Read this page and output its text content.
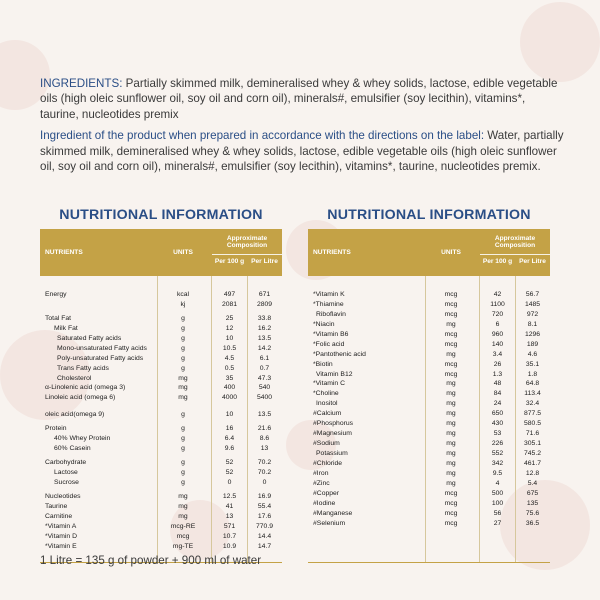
INGREDIENTS: Partially skimmed milk, demineralised whey & whey solids, lactose, edible vegetable oils (high oleic sunflower oil, soy oil and corn oil), minerals#, emulsifier (soy lecithin), vitamins*, taurine, nucleotides premix

Ingredient of the product when prepared in accordance with the directions on the label: Water, partially skimmed milk, demineralised whey & whey solids, lactose, edible vegetable oils (high oleic sunflower oil, soy oil and corn oil), minerals#, emulsifier (soy lecithin), vitamins*, taurine, nucleotides premix.

NUTRITIONAL INFORMATION
NUTRIENTS	UNITS
Approximate Composition
Per 100 g	Per Litre
Energy	kcal	497	671
kj	2081	2809
Total Fat	g	25	33.8
Milk Fat	g	12	16.2
Saturated Fatty acids	g	10	13.5
Mono-unsaturated Fatty acids	g	10.5	14.2
Poly-unsaturated Fatty acids	g	4.5	6.1
Trans Fatty acids	g	0.5	0.7
Cholesterol	mg	35	47.3
α-Linolenic acid (omega 3)	mg	400	540
Linoleic acid (omega 6)	mg	4000	5400
oleic acid(omega 9)	g	10	13.5
Protein	g	16	21.6
40% Whey Protein	g	6.4	8.6
60% Casein	g	9.6	13
Carbohydrate	g	52	70.2
Lactose	g	52	70.2
Sucrose	g	0	0
Nucleotides	mg	12.5	16.9
Taurine	mg	41	55.4
Carnitine	mg	13	17.6
*Vitamin A	mcg-RE	571	770.9
*Vitamin D	mcg	10.7	14.4
*Vitamin E	mg-TE	10.9	14.7
NUTRITIONAL INFORMATION
NUTRIENTS	UNITS
Approximate Composition
Per 100 g	Per Litre
*Vitamin K	mcg	42	56.7
*Thiamine	mcg	1100	1485
Riboflavin	mcg	720	972
*Niacin	mg	6	8.1
*Vitamin B6	mcg	960	1296
*Folic acid	mcg	140	189
*Pantothenic acid	mg	3.4	4.6
*Biotin	mcg	26	35.1
Vitamin B12	mcg	1.3	1.8
*Vitamin C	mg	48	64.8
*Choline	mg	84	113.4
Inositol	mg	24	32.4
#Calcium	mg	650	877.5
#Phosphorus	mg	430	580.5
#Magnesium	mg	53	71.6
#Sodium	mg	226	305.1
Potassium	mg	552	745.2
#Chloride	mg	342	461.7
#Iron	mg	9.5	12.8
#Zinc	mg	4	5.4
#Copper	mcg	500	675
#Iodine	mcg	100	135
#Manganese	mcg	56	75.6
#Selenium	mcg	27	36.5
1 Litre = 135 g of powder + 900 ml of water
